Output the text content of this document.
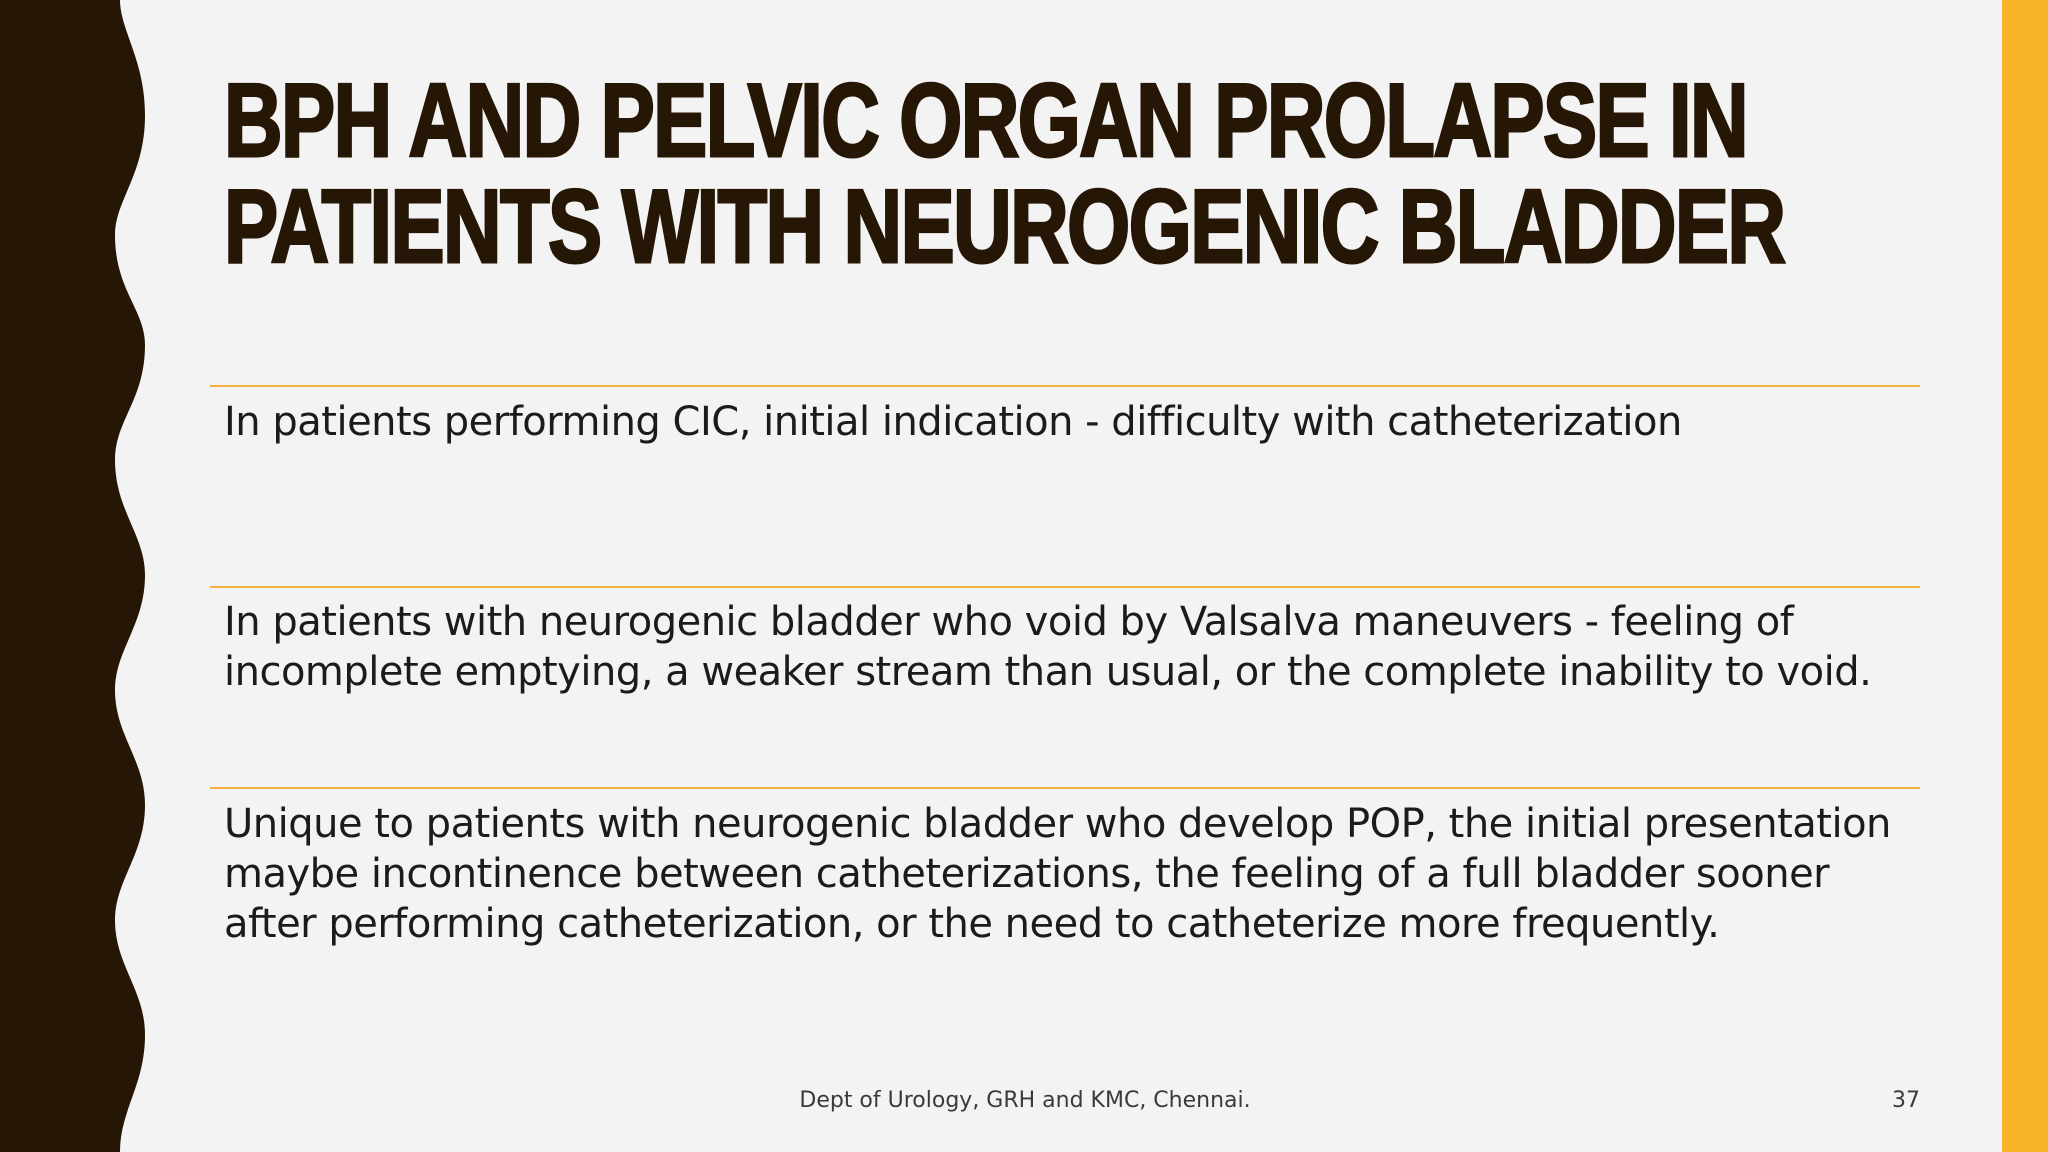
BPH AND PELVIC ORGAN PROLAPSE IN
PATIENTS WITH NEUROGENIC BLADDER

In patients performing CIC, initial indication - difficulty with catheterization

In patients with neurogenic bladder who void by Valsalva maneuvers - feeling of incomplete emptying, a weaker stream than usual, or the complete inability to void.

Unique to patients with neurogenic bladder who develop POP, the initial presentation maybe incontinence between catheterizations, the feeling of a full bladder sooner after performing catheterization, or the need to catheterize more frequently.

Dept of Urology, GRH and KMC, Chennai.	37
